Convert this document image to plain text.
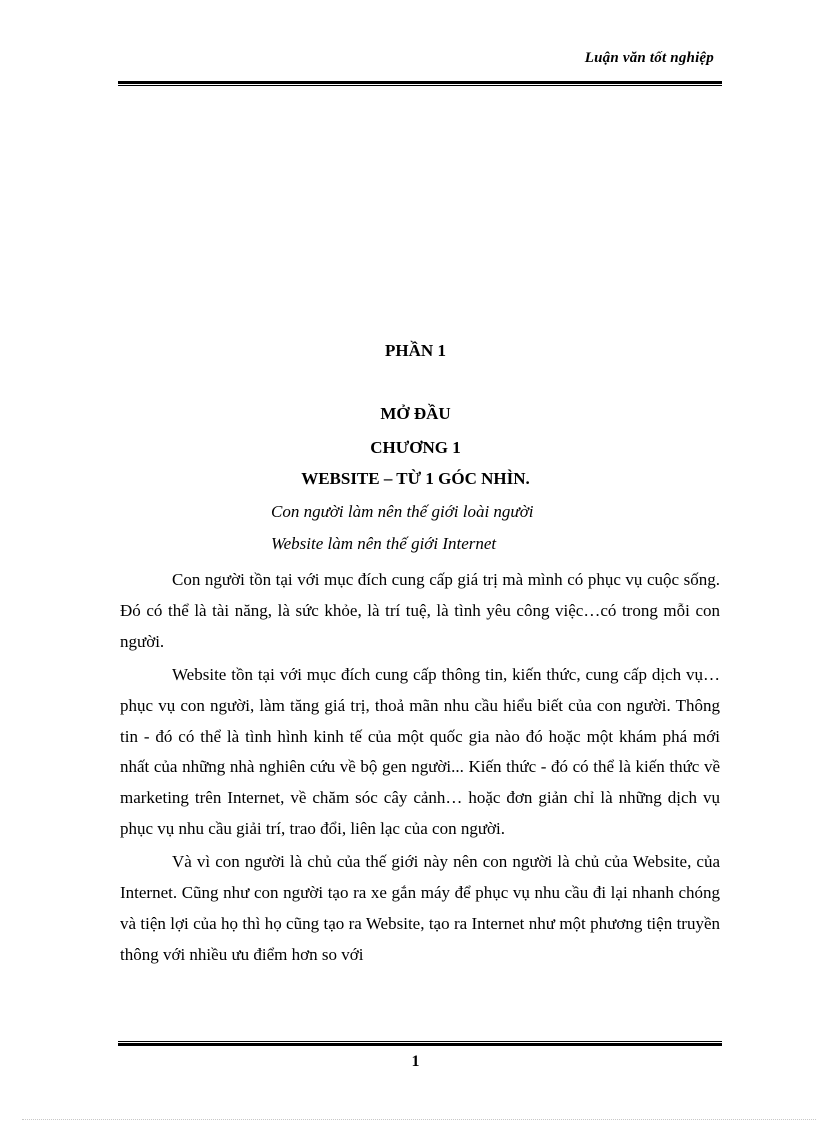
Luận văn tốt nghiệp
PHẦN 1
MỞ ĐẦU
CHƯƠNG 1
WEBSITE – TỪ 1 GÓC NHÌN.
Con người làm nên thế giới loài người
Website làm nên thế giới Internet

Con người tồn tại với mục đích cung cấp giá trị mà mình có phục vụ cuộc sống. Đó có thể là tài năng, là sức khỏe, là trí tuệ, là tình yêu công việc…có trong mỗi con người.

Website tồn tại với mục đích cung cấp thông tin, kiến thức, cung cấp dịch vụ…phục vụ con người, làm tăng giá trị, thoả mãn nhu cầu hiểu biết của con người. Thông tin - đó có thể là tình hình kinh tế của một quốc gia nào đó hoặc một khám phá mới nhất của những nhà nghiên cứu về bộ gen người... Kiến thức - đó có thể là kiến thức về marketing trên Internet, về chăm sóc cây cảnh… hoặc đơn giản chỉ là những dịch vụ phục vụ nhu cầu giải trí, trao đổi, liên lạc của con người.

Và vì con người là chủ của thế giới này nên con người là chủ của Website, của Internet. Cũng như con người tạo ra xe gắn máy để phục vụ nhu cầu đi lại nhanh chóng và tiện lợi của họ thì họ cũng tạo ra Website, tạo ra Internet như một phương tiện truyền thông với nhiều ưu điểm hơn so với

1
